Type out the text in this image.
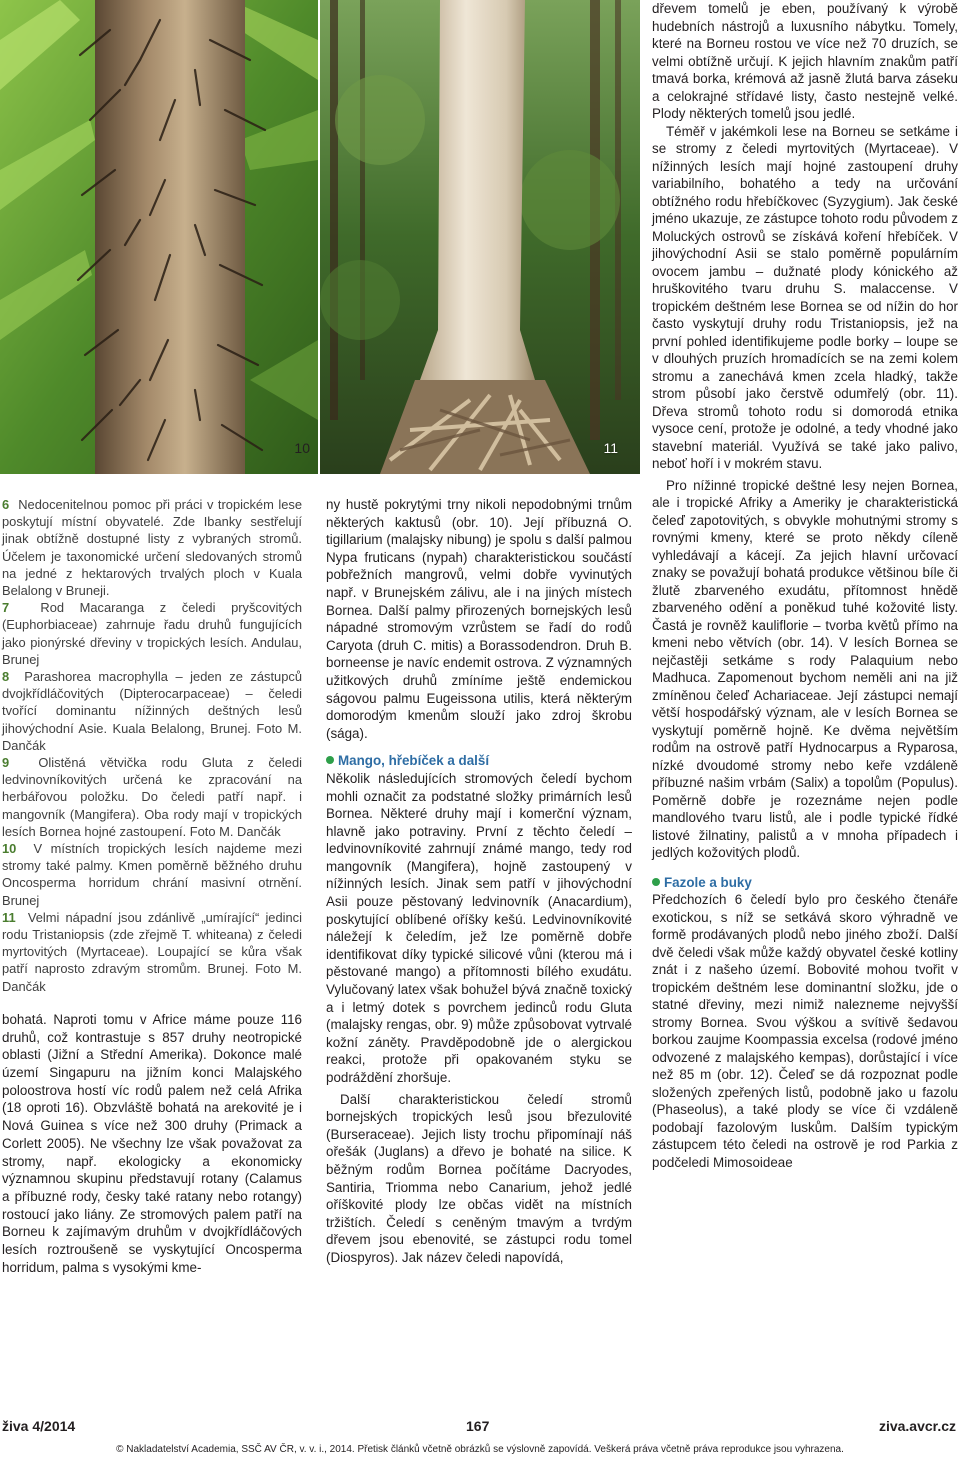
10	11

6 Nedocenitelnou pomoc při práci v tropickém lese poskytují místní obyvatelé. Zde Ibanky sestřelují jinak obtížně dostupné listy z vybraných stromů. Účelem je taxonomické určení sledovaných stromů na jedné z hektarových trvalých ploch v Kuala Belalong v Bruneji.

7 Rod Macaranga z čeledi pryšcovitých (Euphorbiaceae) zahrnuje řadu druhů fungujících jako pionýrské dřeviny v tropických lesích. Andulau, Brunej

8 Parashorea macrophylla – jeden ze zástupců dvojkřídláčovitých (Dipterocarpaceae) – čeledi tvořící dominantu nížinných deštných lesů jihovýchodní Asie. Kuala Belalong, Brunej. Foto M. Dančák

9 Olistěná větvička rodu Gluta z čeledi ledvinovníkovitých určená ke zpracování na herbářovou položku. Do čeledi patří např. i mangovník (Mangifera). Oba rody mají v tropických lesích Bornea hojné zastoupení. Foto M. Dančák

10 V místních tropických lesích najdeme mezi stromy také palmy. Kmen poměrně běžného druhu Oncosperma horridum chrání masivní otrnění. Brunej

11 Velmi nápadní jsou zdánlivě „umírající“ jedinci rodu Tristaniopsis (zde zřejmě T. whiteana) z čeledi myrtovitých (Myrtaceae). Loupající se kůra však patří naprosto zdravým stromům. Brunej. Foto M. Dančák

bohatá. Naproti tomu v Africe máme pouze 116 druhů, což kontrastuje s 857 druhy neotropické oblasti (Jižní a Střední Amerika). Dokonce malé území Singapuru na jižním konci Malajského poloostrova hostí víc rodů palem než celá Afrika (18 oproti 16). Obzvláště bohatá na arekovité je i Nová Guinea s více než 300 druhy (Primack a Corlett 2005). Ne všechny lze však považovat za stromy, např. ekologicky a ekonomicky významnou skupinu představují rotany (Calamus a příbuzné rody, česky také ratany nebo rotangy) rostoucí jako liány. Ze stromových palem patří na Borneu k zajímavým druhům v dvojkřídláčových lesích roztroušeně se vyskytující Oncosperma horridum, palma s vysokými kme-

ny hustě pokrytými trny nikoli nepodobnými trnům některých kaktusů (obr. 10). Její příbuzná O. tigillarium (malajsky nibung) je spolu s další palmou Nypa fruticans (nypah) charakteristickou součástí pobřežních mangrovů, velmi dobře vyvinutých např. v Brunejském zálivu, ale i na jiných místech Bornea. Další palmy přirozených bornejských lesů nápadné stromovým vzrůstem se řadí do rodů Caryota (druh C. mitis) a Borassodendron. Druh B. borneense je navíc endemit ostrova. Z významných užitkových druhů zmíníme ještě endemickou ságovou palmu Eugeissona utilis, která některým domorodým kmenům slouží jako zdroj škrobu (sága).

Mango, hřebíček a další

Několik následujících stromových čeledí bychom mohli označit za podstatné složky primárních lesů Bornea. Některé druhy mají i komerční význam, hlavně jako potraviny. První z těchto čeledí – ledvinovníkovité zahrnují známé mango, tedy rod mangovník (Mangifera), hojně zastoupený v nížinných lesích. Jinak sem patří v jihovýchodní Asii pouze pěstovaný ledvinovník (Anacardium), poskytující oblíbené oříšky kešú. Ledvinovníkovité náležejí k čeledím, jež lze poměrně dobře identifikovat díky typické silicové vůni (kterou má i pěstované mango) a přítomnosti bílého exudátu. Vylučovaný latex však bohužel bývá značně toxický a i letmý dotek s povrchem jedinců rodu Gluta (malajsky rengas, obr. 9) může způsobovat vytrvalé kožní záněty. Pravděpodobně jde o alergickou reakci, protože při opakovaném styku se podráždění zhoršuje.

Další charakteristickou čeledí stromů bornejských tropických lesů jsou březulovité (Burseraceae). Jejich listy trochu připomínají náš ořešák (Juglans) a dřevo je bohaté na silice. K běžným rodům Bornea počítáme Dacryodes, Santiria, Triomma nebo Canarium, jehož jedlé oříškovité plody lze občas vidět na místních tržištích. Čeledí s ceněným tmavým a tvrdým dřevem jsou ebenovité, se zástupci rodu tomel (Diospyros). Jak název čeledi napovídá,

dřevem tomelů je eben, používaný k výrobě hudebních nástrojů a luxusního nábytku. Tomely, které na Borneu rostou ve více než 70 druzích, se velmi obtížně určují. K jejich hlavním znakům patří tmavá borka, krémová až jasně žlutá barva záseku a celokrajné střídavé listy, často nestejně velké. Plody některých tomelů jsou jedlé.

Téměř v jakémkoli lese na Borneu se setkáme i se stromy z čeledi myrtovitých (Myrtaceae). V nížinných lesích mají hojné zastoupení druhy variabilního, bohatého a tedy na určování obtížného rodu hřebíčkovec (Syzygium). Jak české jméno ukazuje, ze zástupce tohoto rodu původem z Moluckých ostrovů se získává koření hřebíček. V jihovýchodní Asii se stalo poměrně populárním ovocem jambu – dužnaté plody kónického až hruškovitého tvaru druhu S. malaccense. V tropickém deštném lese Bornea se od nížin do hor často vyskytují druhy rodu Tristaniopsis, jež na první pohled identifikujeme podle borky – loupe se v dlouhých pruzích hromadících se na zemi kolem stromu a zanechává kmen zcela hladký, takže strom působí jako čerstvě odumřelý (obr. 11). Dřeva stromů tohoto rodu si domorodá etnika vysoce cení, protože je odolné, a tedy vhodné jako stavební materiál. Využívá se také jako palivo, neboť hoří i v mokrém stavu.

Pro nížinné tropické deštné lesy nejen Bornea, ale i tropické Afriky a Ameriky je charakteristická čeleď zapotovitých, s obvykle mohutnými stromy s rovnými kmeny, které se proto někdy cíleně vyhledávají a kácejí. Za jejich hlavní určovací znaky se považují bohatá produkce většinou bíle či žlutě zbarveného exudátu, přítomnost hnědě zbarveného odění a poněkud tuhé kožovité listy. Častá je rovněž kauliflorie – tvorba květů přímo na kmeni nebo větvích (obr. 14). V lesích Bornea se nejčastěji setkáme s rody Palaquium nebo Madhuca. Zapomenout bychom neměli ani na již zmíněnou čeleď Achariaceae. Její zástupci nemají větší hospodářský význam, ale v lesích Bornea se vyskytují poměrně hojně. Ke dvěma největším rodům na ostrově patří Hydnocarpus a Ryparosa, nízké dvoudomé stromy nebo keře vzdáleně příbuzné našim vrbám (Salix) a topolům (Populus). Poměrně dobře je rozeznáme nejen podle mandlového tvaru listů, ale i podle typické řídké listové žilnatiny, palistů a v mnoha případech i jedlých kožovitých plodů.

Fazole a buky

Předchozích 6 čeledí bylo pro českého čtenáře exotickou, s níž se setkává skoro výhradně ve formě prodávaných plodů nebo jiného zboží. Další dvě čeledi však může každý obyvatel české kotliny znát i z našeho území. Bobovité mohou tvořit v tropickém deštném lese dominantní složku, jde o statné dřeviny, mezi nimiž nalezneme nejvyšší stromy Bornea. Svou výškou a svítivě šedavou borkou zaujme Koompassia excelsa (rodové jméno odvozené z malajského kempas), dorůstající i více než 85 m (obr. 12). Čeleď se dá rozpoznat podle složených zpeřených listů, podobně jako u fazolu (Phaseolus), a také plody se více či vzdáleně podobají fazolovým luskům. Dalším typickým zástupcem této čeledi na ostrově je rod Parkia z podčeledi Mimosoideae

živa 4/2014	167	ziva.avcr.cz
© Nakladatelství Academia, SSČ AV ČR, v. v. i., 2014. Přetisk článků včetně obrázků se výslovně zapovídá. Veškerá práva včetně práva reprodukce jsou vyhrazena.
